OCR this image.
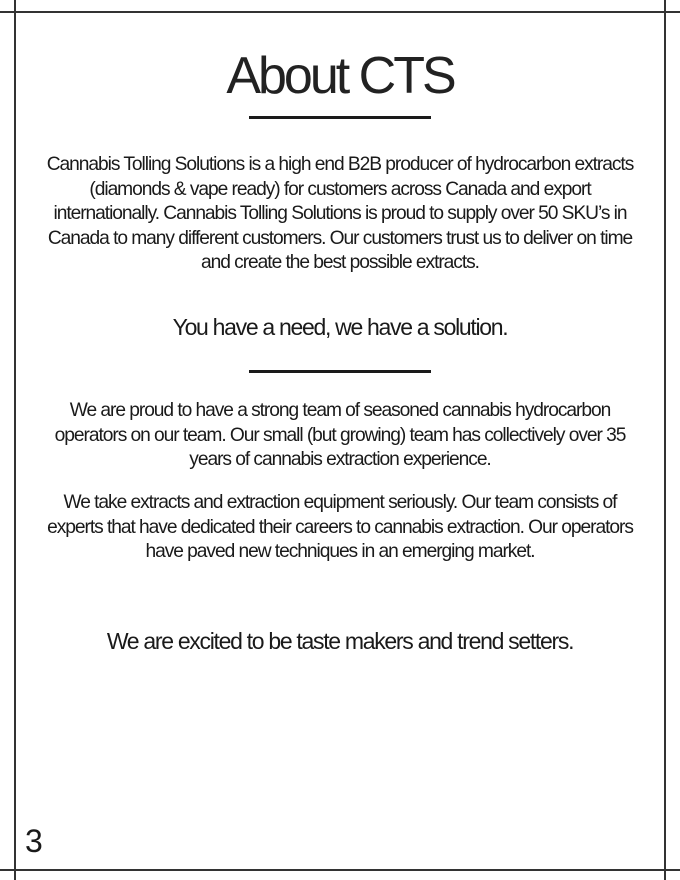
About CTS

Cannabis Tolling Solutions is a high end B2B producer of hydrocarbon extracts (diamonds & vape ready) for customers across Canada and export internationally. Cannabis Tolling Solutions is proud to supply over 50 SKU’s in Canada to many different customers. Our customers trust us to deliver on time and create the best possible extracts.

You have a need, we have a solution.

We are proud to have a strong team of seasoned cannabis hydrocarbon operators on our team. Our small (but growing) team has collectively over 35 years of cannabis extraction experience.

We take extracts and extraction equipment seriously. Our team consists of experts that have dedicated their careers to cannabis extraction. Our operators have paved new techniques in an emerging market.

We are excited to be taste makers and trend setters.
3
